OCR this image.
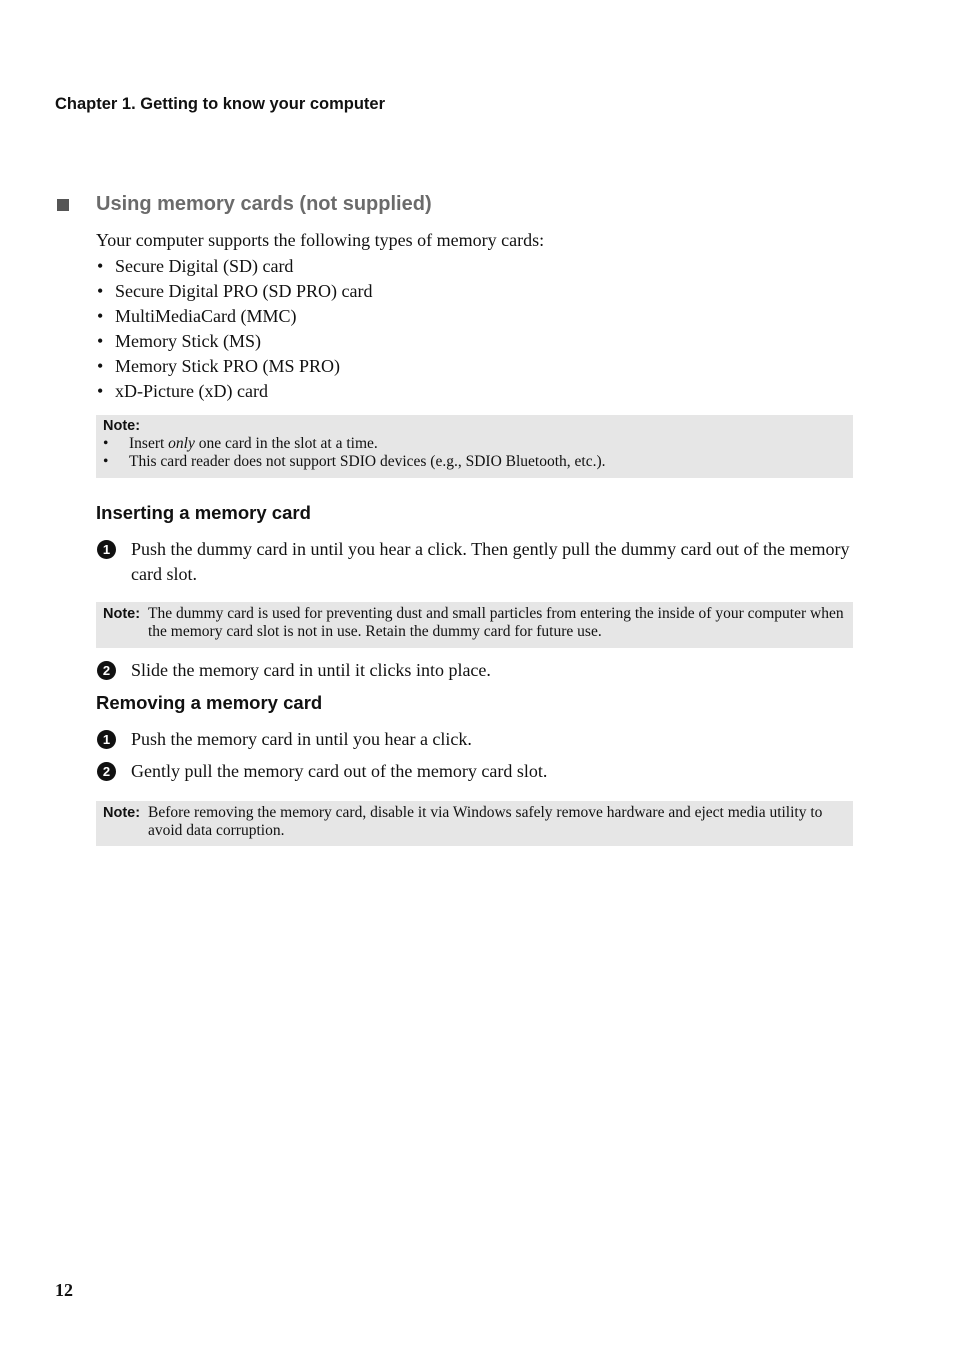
Chapter 1. Getting to know your computer
Using memory cards (not supplied)
Your computer supports the following types of memory cards:
• Secure Digital (SD) card
• Secure Digital PRO (SD PRO) card
• MultiMediaCard (MMC)
• Memory Stick (MS)
• Memory Stick PRO (MS PRO)
• xD-Picture (xD) card
Note:
• Insert only one card in the slot at a time.
• This card reader does not support SDIO devices (e.g., SDIO Bluetooth, etc.).
Inserting a memory card
1	Push the dummy card in until you hear a click. Then gently pull the dummy card out of the memory card slot.
Note: The dummy card is used for preventing dust and small particles from entering the inside of your computer when the memory card slot is not in use. Retain the dummy card for future use.
2	Slide the memory card in until it clicks into place.
Removing a memory card
1	Push the memory card in until you hear a click.
2	Gently pull the memory card out of the memory card slot.
Note: Before removing the memory card, disable it via Windows safely remove hardware and eject media utility to avoid data corruption.
12
